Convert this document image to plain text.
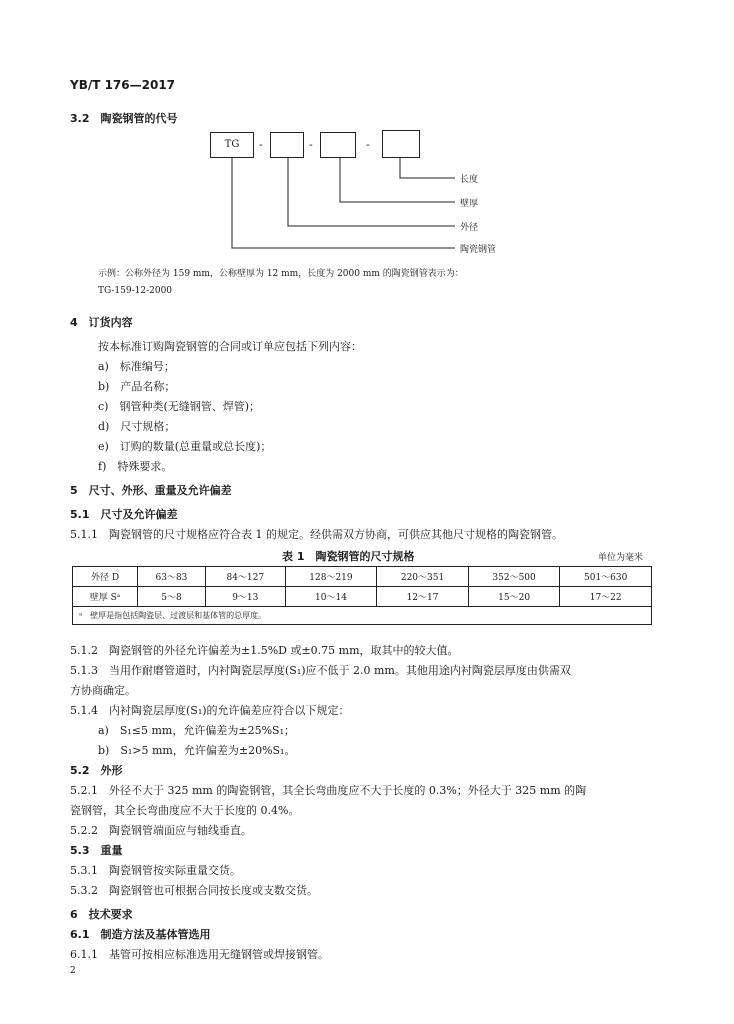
YB/T 176—2017
3.2　陶瓷钢管的代号
TG	-	-	-
长度
壁厚
外径
陶瓷钢管
示例：公称外径为 159 mm，公称壁厚为 12 mm，长度为 2000 mm 的陶瓷钢管表示为：
TG-159-12-2000
4　订货内容
按本标准订购陶瓷钢管的合同或订单应包括下列内容：
a)　标准编号；
b)　产品名称；
c)　钢管种类(无缝钢管、焊管)；
d)　尺寸规格；
e)　订购的数量(总重量或总长度)；
f)　特殊要求。
5　尺寸、外形、重量及允许偏差
5.1　尺寸及允许偏差
5.1.1　陶瓷钢管的尺寸规格应符合表 1 的规定。经供需双方协商，可供应其他尺寸规格的陶瓷钢管。
表 1　陶瓷钢管的尺寸规格	单位为毫米
外径 D	63～83	84～127	128～219	220～351	352～500	501～630
壁厚 Sᵃ	5～8	9～13	10～14	12～17	15～20	17～22
ᵃ　壁厚是指包括陶瓷层、过渡层和基体管的总厚度。						
5.1.2　陶瓷钢管的外径允许偏差为±1.5%D 或±0.75 mm，取其中的较大值。
5.1.3　当用作耐磨管道时，内衬陶瓷层厚度(S₁)应不低于 2.0 mm。其他用途内衬陶瓷层厚度由供需双
方协商确定。
5.1.4　内衬陶瓷层厚度(S₁)的允许偏差应符合以下规定：
a)　S₁≤5 mm，允许偏差为±25%S₁；
b)　S₁>5 mm，允许偏差为±20%S₁。
5.2　外形
5.2.1　外径不大于 325 mm 的陶瓷钢管，其全长弯曲度应不大于长度的 0.3%；外径大于 325 mm 的陶
瓷钢管，其全长弯曲度应不大于长度的 0.4%。
5.2.2　陶瓷钢管端面应与轴线垂直。
5.3　重量
5.3.1　陶瓷钢管按实际重量交货。
5.3.2　陶瓷钢管也可根据合同按长度或支数交货。
6　技术要求
6.1　制造方法及基体管选用
6.1.1　基管可按相应标准选用无缝钢管或焊接钢管。
2
